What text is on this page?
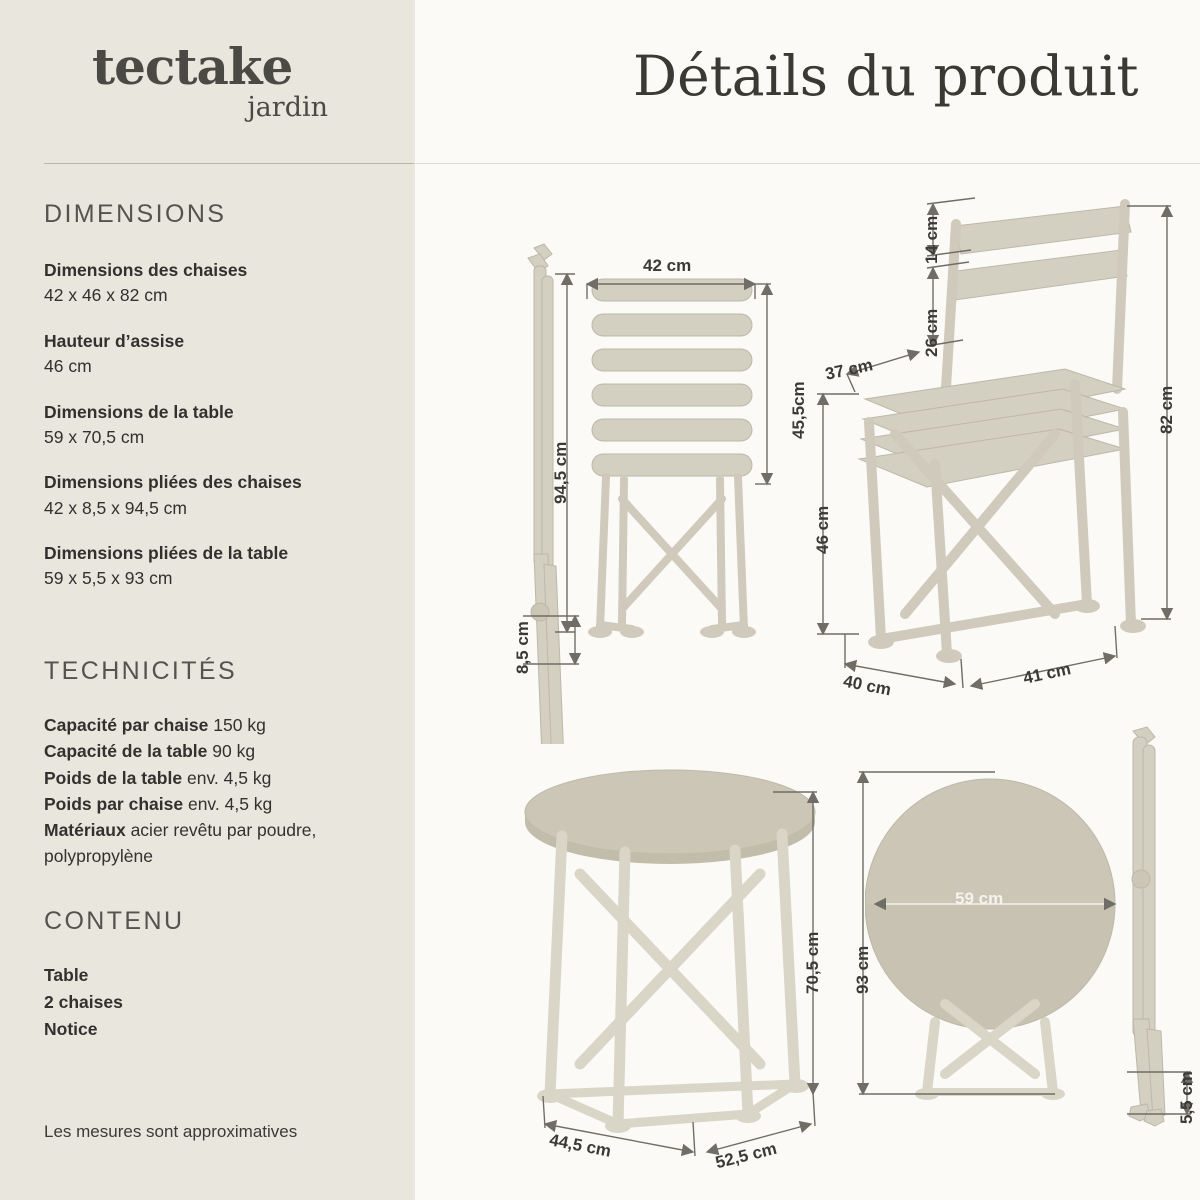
tectake
jardin	Détails du produit
DIMENSIONS
Dimensions des chaises
42 x 46 x 82 cm
Hauteur d’assise
46 cm
Dimensions de la table
59 x 70,5 cm
Dimensions pliées des chaises
42 x 8,5 x 94,5 cm
Dimensions pliées de la table
59 x 5,5 x 93 cm
TECHNICITÉS
Capacité par chaise 150 kg
Capacité de la table 90 kg
Poids de la table env. 4,5 kg
Poids par chaise env. 4,5 kg
Matériaux acier revêtu par poudre, polypropylène
CONTENU
Table
2 chaises
Notice
Les mesures sont approximatives
42 cm
45,5cm
94,5 cm
8,5 cm
14 cm
26 cm
37 cm
82 cm
46 cm
40 cm	41 cm
44,5 cm	52,5 cm
70,5 cm 93 cm
59 cm
5,5 cm
